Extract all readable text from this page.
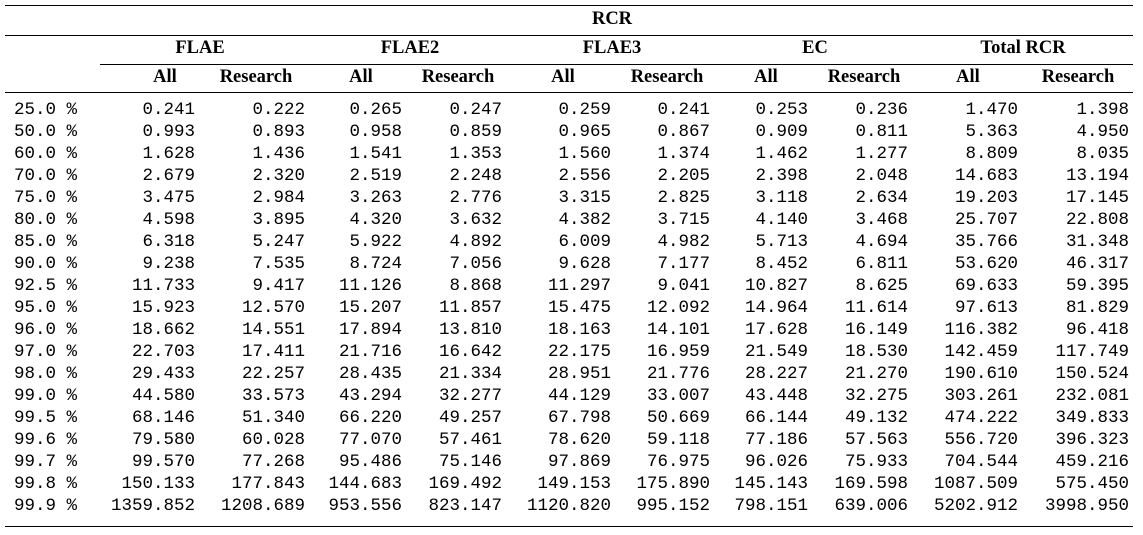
RCR
FLAE	FLAE2	FLAE3	EC	Total RCR
All Research	All	Research	All	Research	All	Research	All	Research
25.0 %	0.241	0.222	0.265	0.247	0.259	0.241	0.253	0.236	1.470	1.398
50.0 %	0.993	0.893	0.958	0.859	0.965	0.867	0.909	0.811	5.363	4.950
60.0 %	1.628	1.436	1.541	1.353	1.560	1.374	1.462	1.277	8.809	8.035
70.0 %	2.679	2.320	2.519	2.248	2.556	2.205	2.398	2.048	14.683	13.194
75.0 %	3.475	2.984	3.263	2.776	3.315	2.825	3.118	2.634	19.203	17.145
80.0 %	4.598	3.895	4.320	3.632	4.382	3.715	4.140	3.468	25.707	22.808
85.0 %	6.318	5.247	5.922	4.892	6.009	4.982	5.713	4.694	35.766	31.348
90.0 %	9.238	7.535	8.724	7.056	9.628	7.177	8.452	6.811	53.620	46.317
92.5 %	11.733	9.417 11.126	8.868	11.297	9.041 10.827	8.625	69.633	59.395
95.0 %	15.923	12.570 15.207 11.857	15.475 12.092 14.964 11.614	97.613	81.829
96.0 %	18.662	14.551 17.894 13.810	18.163 14.101 17.628 16.149 116.382	96.418
97.0 %	22.703	17.411 21.716 16.642	22.175 16.959 21.549 18.530 142.459 117.749
98.0 %	29.433	22.257 28.435 21.334	28.951 21.776 28.227 21.270 190.610 150.524
99.0 %	44.580	33.573 43.294 32.277	44.129 33.007 43.448 32.275 303.261 232.081
99.5 %	68.146	51.340 66.220 49.257	67.798 50.669 66.144 49.132 474.222 349.833
99.6 %	79.580	60.028 77.070 57.461	78.620 59.118 77.186 57.563 556.720 396.323
99.7 %	99.570	77.268 95.486 75.146	97.869 76.975 96.026 75.933 704.544 459.216
99.8 %	150.133 177.843 144.683 169.492 149.153 175.890 145.143 169.598 1087.509 575.450
99.9 % 1359.852 1208.689 953.556 823.147 1120.820 995.152 798.151 639.006 5202.912 3998.950
